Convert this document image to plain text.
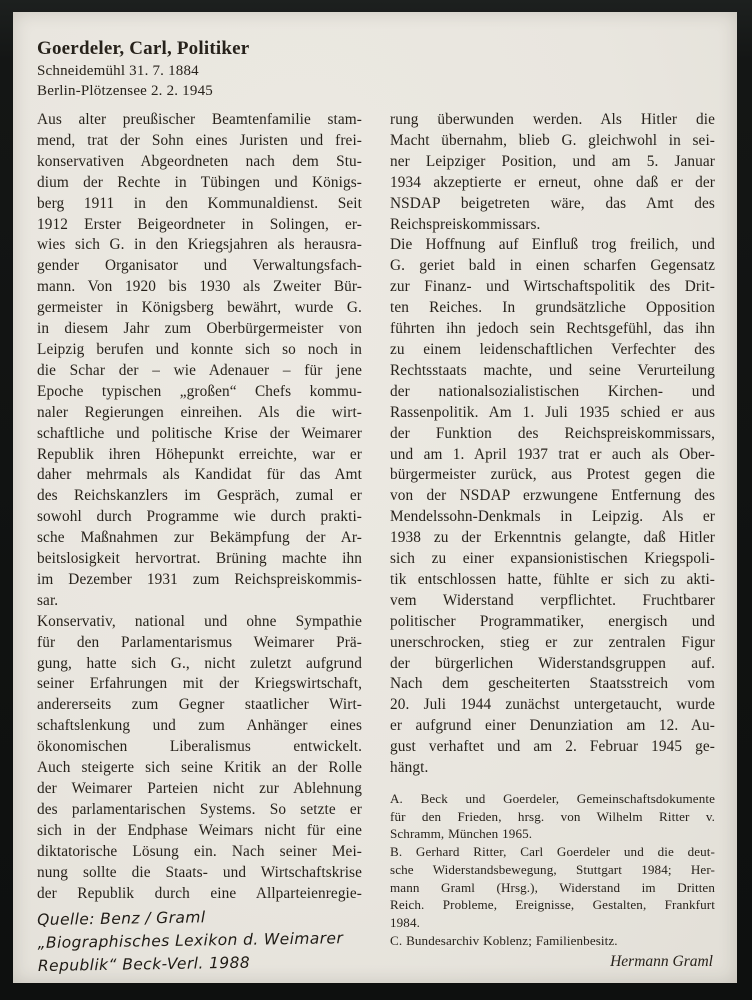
Goerdeler, Carl, Politiker
Schneidemühl 31. 7. 1884
Berlin-Plötzensee 2. 2. 1945
Aus alter preußischer Beamtenfamilie stam-
mend, trat der Sohn eines Juristen und frei-
konservativen Abgeordneten nach dem Stu-
dium der Rechte in Tübingen und Königs-
berg 1911 in den Kommunaldienst. Seit
1912 Erster Beigeordneter in Solingen, er-
wies sich G. in den Kriegsjahren als herausra-
gender Organisator und Verwaltungsfach-
mann. Von 1920 bis 1930 als Zweiter Bür-
germeister in Königsberg bewährt, wurde G.
in diesem Jahr zum Oberbürgermeister von
Leipzig berufen und konnte sich so noch in
die Schar der – wie Adenauer – für jene
Epoche typischen „großen“ Chefs kommu-
naler Regierungen einreihen. Als die wirt-
schaftliche und politische Krise der Weimarer
Republik ihren Höhepunkt erreichte, war er
daher mehrmals als Kandidat für das Amt
des Reichskanzlers im Gespräch, zumal er
sowohl durch Programme wie durch prakti-
sche Maßnahmen zur Bekämpfung der Ar-
beitslosigkeit hervortrat. Brüning machte ihn
im Dezember 1931 zum Reichspreiskommis-
sar.
Konservativ, national und ohne Sympathie
für den Parlamentarismus Weimarer Prä-
gung, hatte sich G., nicht zuletzt aufgrund
seiner Erfahrungen mit der Kriegswirtschaft,
andererseits zum Gegner staatlicher Wirt-
schaftslenkung und zum Anhänger eines
ökonomischen Liberalismus entwickelt.
Auch steigerte sich seine Kritik an der Rolle
der Weimarer Parteien nicht zur Ablehnung
des parlamentarischen Systems. So setzte er
sich in der Endphase Weimars nicht für eine
diktatorische Lösung ein. Nach seiner Mei-
nung sollte die Staats- und Wirtschaftskrise
der Republik durch eine Allparteienregie-
Quelle: Benz / Graml
„Biographisches Lexikon d. Weimarer
Republik“ Beck-Verl. 1988
rung überwunden werden. Als Hitler die
Macht übernahm, blieb G. gleichwohl in sei-
ner Leipziger Position, und am 5. Januar
1934 akzeptierte er erneut, ohne daß er der
NSDAP beigetreten wäre, das Amt des
Reichspreiskommissars.
Die Hoffnung auf Einfluß trog freilich, und
G. geriet bald in einen scharfen Gegensatz
zur Finanz- und Wirtschaftspolitik des Drit-
ten Reiches. In grundsätzliche Opposition
führten ihn jedoch sein Rechtsgefühl, das ihn
zu einem leidenschaftlichen Verfechter des
Rechtsstaats machte, und seine Verurteilung
der nationalsozialistischen Kirchen- und
Rassenpolitik. Am 1. Juli 1935 schied er aus
der Funktion des Reichspreiskommissars,
und am 1. April 1937 trat er auch als Ober-
bürgermeister zurück, aus Protest gegen die
von der NSDAP erzwungene Entfernung des
Mendelssohn-Denkmals in Leipzig. Als er
1938 zu der Erkenntnis gelangte, daß Hitler
sich zu einer expansionistischen Kriegspoli-
tik entschlossen hatte, fühlte er sich zu akti-
vem Widerstand verpflichtet. Fruchtbarer
politischer Programmatiker, energisch und
unerschrocken, stieg er zur zentralen Figur
der bürgerlichen Widerstandsgruppen auf.
Nach dem gescheiterten Staatsstreich vom
20. Juli 1944 zunächst untergetaucht, wurde
er aufgrund einer Denunziation am 12. Au-
gust verhaftet und am 2. Februar 1945 ge-
hängt.
A. Beck und Goerdeler, Gemeinschaftsdokumente
für den Frieden, hrsg. von Wilhelm Ritter v.
Schramm, München 1965.
B. Gerhard Ritter, Carl Goerdeler und die deut-
sche Widerstandsbewegung, Stuttgart 1984; Her-
mann Graml (Hrsg.), Widerstand im Dritten
Reich. Probleme, Ereignisse, Gestalten, Frankfurt
1984.
C. Bundesarchiv Koblenz; Familienbesitz.
Hermann Graml
